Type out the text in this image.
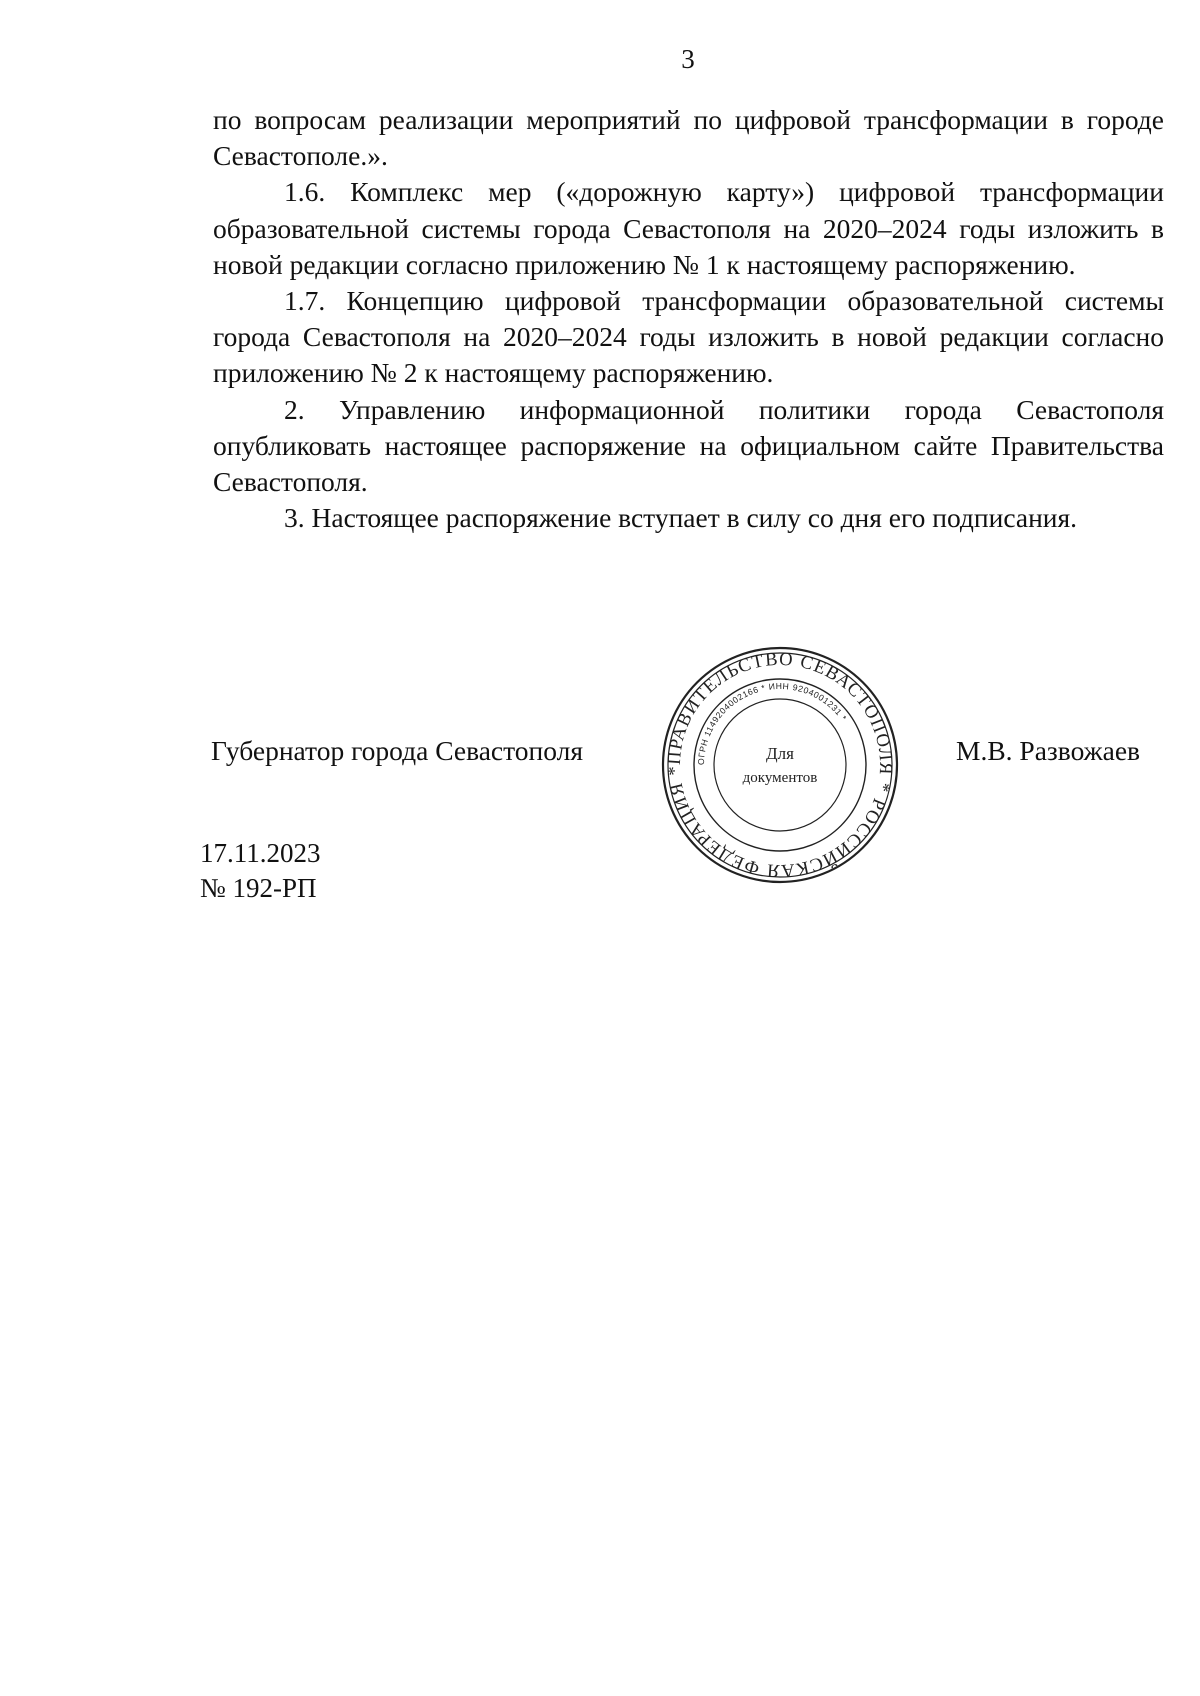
3

по вопросам реализации мероприятий по цифровой трансформации в городе Севастополе.».

1.6. Комплекс мер («дорожную карту») цифровой трансформации образовательной системы города Севастополя на 2020–2024 годы изложить в новой редакции согласно приложению № 1 к настоящему распоряжению.

1.7. Концепцию цифровой трансформации образовательной системы города Севастополя на 2020–2024 годы изложить в новой редакции согласно приложению № 2 к настоящему распоряжению.

2. Управлению информационной политики города Севастополя опубликовать настоящее распоряжение на официальном сайте Правительства Севастополя.

3. Настоящее распоряжение вступает в силу со дня его подписания.

Губернатор города Севастополя	ПРАВИТЕЛЬСТВО СЕВАСТОПОЛЯ * РОССИЙСКАЯ ФЕДЕРАЦИЯ *
ОГРН 1149204002166 * ИНН 9204001231 *
Для
документов
М.В. Развожаев
17.11.2023
№ 192-РП
